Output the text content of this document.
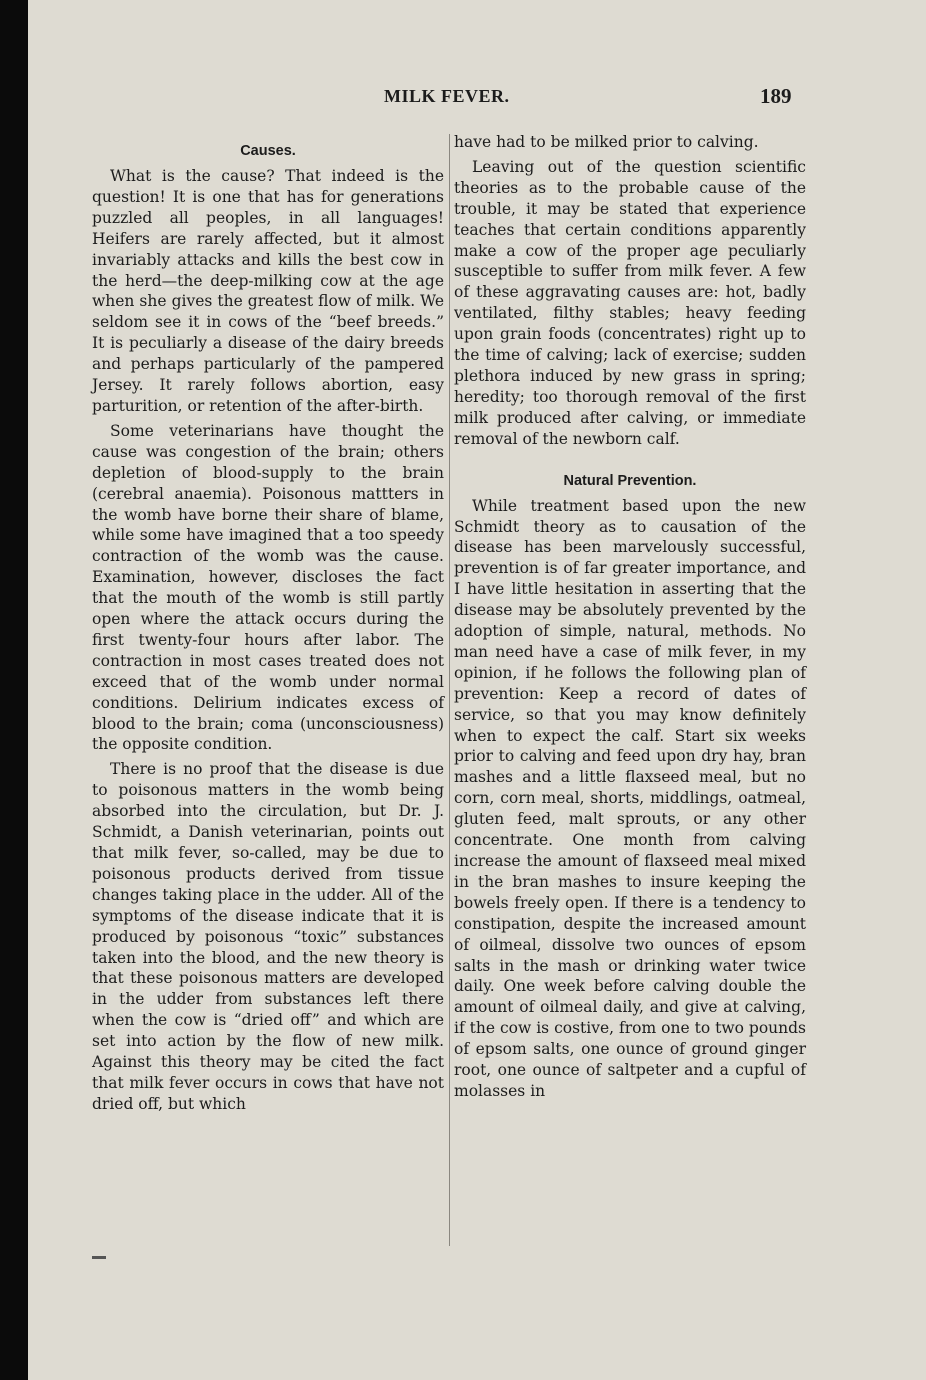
MILK FEVER.	189
Causes.

What is the cause? That indeed is the question! It is one that has for generations puzzled all peoples, in all languages! Heifers are rarely affected, but it almost invariably attacks and kills the best cow in the herd—the deep-milking cow at the age when she gives the greatest flow of milk. We seldom see it in cows of the “beef breeds.” It is peculiarly a disease of the dairy breeds and perhaps particularly of the pampered Jersey. It rarely follows abortion, easy parturition, or retention of the after-birth.

Some veterinarians have thought the cause was congestion of the brain; others depletion of blood-supply to the brain (cerebral anaemia). Poisonous mattters in the womb have borne their share of blame, while some have imagined that a too speedy contraction of the womb was the cause. Examination, however, discloses the fact that the mouth of the womb is still partly open where the attack occurs during the first twenty-four hours after labor. The contraction in most cases treated does not exceed that of the womb under normal conditions. Delirium indicates excess of blood to the brain; coma (unconsciousness) the opposite condition.

There is no proof that the disease is due to poisonous matters in the womb being absorbed into the circulation, but Dr. J. Schmidt, a Danish veterinarian, points out that milk fever, so-called, may be due to poisonous products derived from tissue changes taking place in the udder. All of the symptoms of the disease indicate that it is produced by poisonous “toxic” substances taken into the blood, and the new theory is that these poisonous matters are developed in the udder from substances left there when the cow is “dried off” and which are set into action by the flow of new milk. Against this theory may be cited the fact that milk fever occurs in cows that have not dried off, but which

have had to be milked prior to calving.

Leaving out of the question scientific theories as to the probable cause of the trouble, it may be stated that experience teaches that certain conditions apparently make a cow of the proper age peculiarly susceptible to suffer from milk fever. A few of these aggravating causes are: hot, badly ventilated, filthy stables; heavy feeding upon grain foods (concentrates) right up to the time of calving; lack of exercise; sudden plethora induced by new grass in spring; heredity; too thorough removal of the first milk produced after calving, or immediate removal of the newborn calf.

Natural Prevention.

While treatment based upon the new Schmidt theory as to causation of the disease has been marvelously successful, prevention is of far greater importance, and I have little hesitation in asserting that the disease may be absolutely prevented by the adoption of simple, natural, methods. No man need have a case of milk fever, in my opinion, if he follows the following plan of prevention: Keep a record of dates of service, so that you may know definitely when to expect the calf. Start six weeks prior to calving and feed upon dry hay, bran mashes and a little flaxseed meal, but no corn, corn meal, shorts, middlings, oatmeal, gluten feed, malt sprouts, or any other concentrate. One month from calving increase the amount of flaxseed meal mixed in the bran mashes to insure keeping the bowels freely open. If there is a tendency to constipation, despite the increased amount of oilmeal, dissolve two ounces of epsom salts in the mash or drinking water twice daily. One week before calving double the amount of oilmeal daily, and give at calving, if the cow is costive, from one to two pounds of epsom salts, one ounce of ground ginger root, one ounce of saltpeter and a cupful of molasses in
